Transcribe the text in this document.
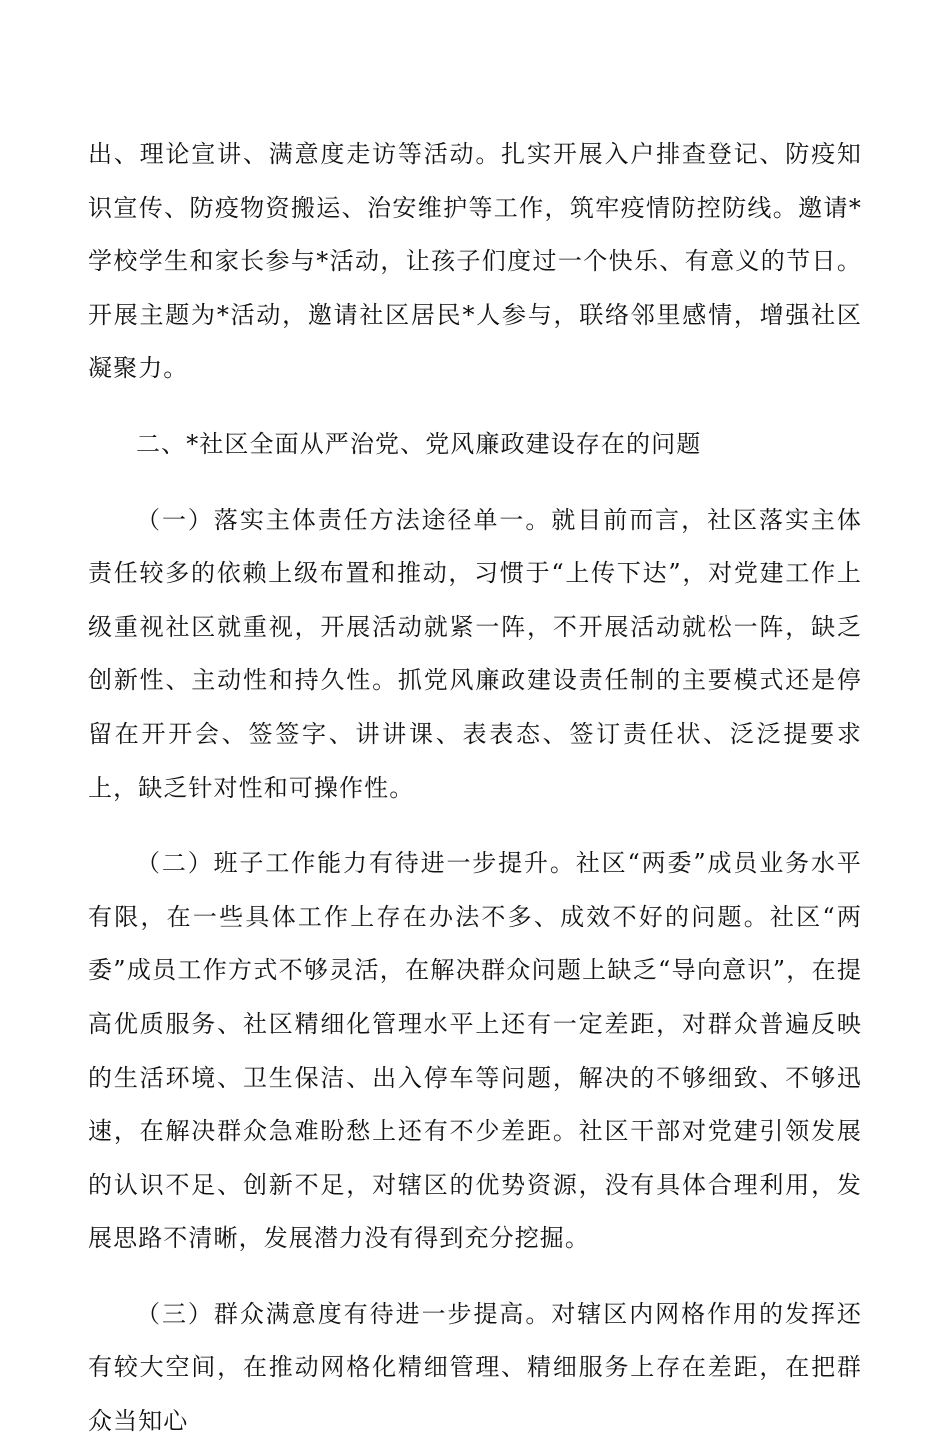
出、理论宣讲、满意度走访等活动。扎实开展入户排查登记、防疫知识宣传、防疫物资搬运、治安维护等工作，筑牢疫情防控防线。邀请*学校学生和家长参与*活动，让孩子们度过一个快乐、有意义的节日。开展主题为*活动，邀请社区居民*人参与，联络邻里感情，增强社区凝聚力。

二、*社区全面从严治党、党风廉政建设存在的问题

（一）落实主体责任方法途径单一。就目前而言，社区落实主体责任较多的依赖上级布置和推动，习惯于“上传下达”，对党建工作上级重视社区就重视，开展活动就紧一阵，不开展活动就松一阵，缺乏创新性、主动性和持久性。抓党风廉政建设责任制的主要模式还是停留在开开会、签签字、讲讲课、表表态、签订责任状、泛泛提要求上，缺乏针对性和可操作性。

（二）班子工作能力有待进一步提升。社区“两委”成员业务水平有限，在一些具体工作上存在办法不多、成效不好的问题。社区“两委”成员工作方式不够灵活，在解决群众问题上缺乏“导向意识”，在提高优质服务、社区精细化管理水平上还有一定差距，对群众普遍反映的生活环境、卫生保洁、出入停车等问题，解决的不够细致、不够迅速，在解决群众急难盼愁上还有不少差距。社区干部对党建引领发展的认识不足、创新不足，对辖区的优势资源，没有具体合理利用，发展思路不清晰，发展潜力没有得到充分挖掘。

（三）群众满意度有待进一步提高。对辖区内网格作用的发挥还有较大空间，在推动网格化精细管理、精细服务上存在差距，在把群众当知心
